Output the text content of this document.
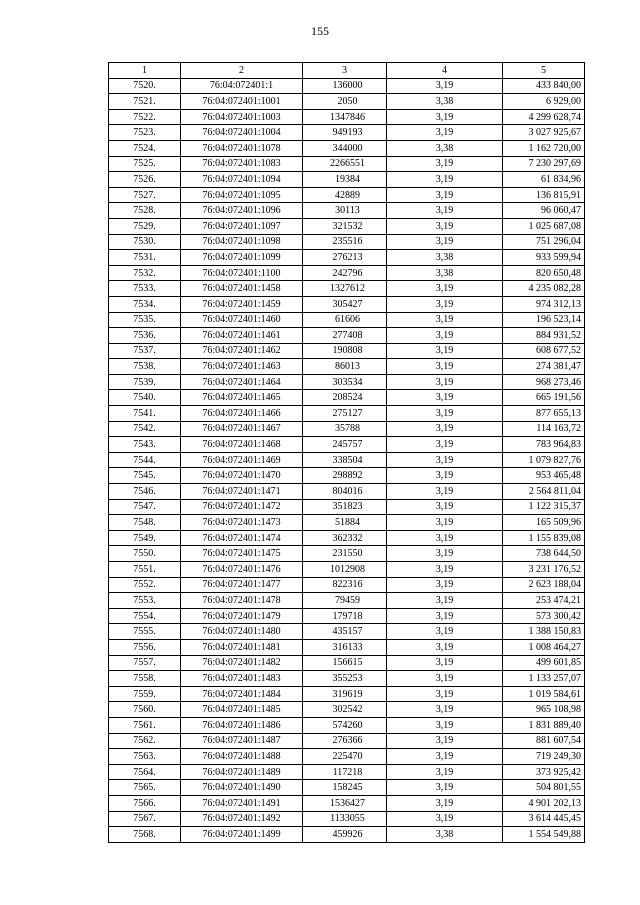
155
1	2	3	4	5
7520.	76:04:072401:1	136000	3,19	433 840,00
7521.	76:04:072401:1001	2050	3,38	6 929,00
7522.	76:04:072401:1003	1347846	3,19	4 299 628,74
7523.	76:04:072401:1004	949193	3,19	3 027 925,67
7524.	76:04:072401:1078	344000	3,38	1 162 720,00
7525.	76:04:072401:1083	2266551	3,19	7 230 297,69
7526.	76:04:072401:1094	19384	3,19	61 834,96
7527.	76:04:072401:1095	42889	3,19	136 815,91
7528.	76:04:072401:1096	30113	3,19	96 060,47
7529.	76:04:072401:1097	321532	3,19	1 025 687,08
7530.	76:04:072401:1098	235516	3,19	751 296,04
7531.	76:04:072401:1099	276213	3,38	933 599,94
7532.	76:04:072401:1100	242796	3,38	820 650,48
7533.	76:04:072401:1458	1327612	3,19	4 235 082,28
7534.	76:04:072401:1459	305427	3,19	974 312,13
7535.	76:04:072401:1460	61606	3,19	196 523,14
7536.	76:04:072401:1461	277408	3,19	884 931,52
7537.	76:04:072401:1462	190808	3,19	608 677,52
7538.	76:04:072401:1463	86013	3,19	274 381,47
7539.	76:04:072401:1464	303534	3,19	968 273,46
7540.	76:04:072401:1465	208524	3,19	665 191,56
7541.	76:04:072401:1466	275127	3,19	877 655,13
7542.	76:04:072401:1467	35788	3,19	114 163,72
7543.	76:04:072401:1468	245757	3,19	783 964,83
7544.	76:04:072401:1469	338504	3,19	1 079 827,76
7545.	76:04:072401:1470	298892	3,19	953 465,48
7546.	76:04:072401:1471	804016	3,19	2 564 811,04
7547.	76:04:072401:1472	351823	3,19	1 122 315,37
7548.	76:04:072401:1473	51884	3,19	165 509,96
7549.	76:04:072401:1474	362332	3,19	1 155 839,08
7550.	76:04:072401:1475	231550	3,19	738 644,50
7551.	76:04:072401:1476	1012908	3,19	3 231 176,52
7552.	76:04:072401:1477	822316	3,19	2 623 188,04
7553.	76:04:072401:1478	79459	3,19	253 474,21
7554.	76:04:072401:1479	179718	3,19	573 300,42
7555.	76:04:072401:1480	435157	3,19	1 388 150,83
7556.	76:04:072401:1481	316133	3,19	1 008 464,27
7557.	76:04:072401:1482	156615	3,19	499 601,85
7558.	76:04:072401:1483	355253	3,19	1 133 257,07
7559.	76:04:072401:1484	319619	3,19	1 019 584,61
7560.	76:04:072401:1485	302542	3,19	965 108,98
7561.	76:04:072401:1486	574260	3,19	1 831 889,40
7562.	76:04:072401:1487	276366	3,19	881 607,54
7563.	76:04:072401:1488	225470	3,19	719 249,30
7564.	76:04:072401:1489	117218	3,19	373 925,42
7565.	76:04:072401:1490	158245	3,19	504 801,55
7566.	76:04:072401:1491	1536427	3,19	4 901 202,13
7567.	76:04:072401:1492	1133055	3,19	3 614 445,45
7568.	76:04:072401:1499	459926	3,38	1 554 549,88
